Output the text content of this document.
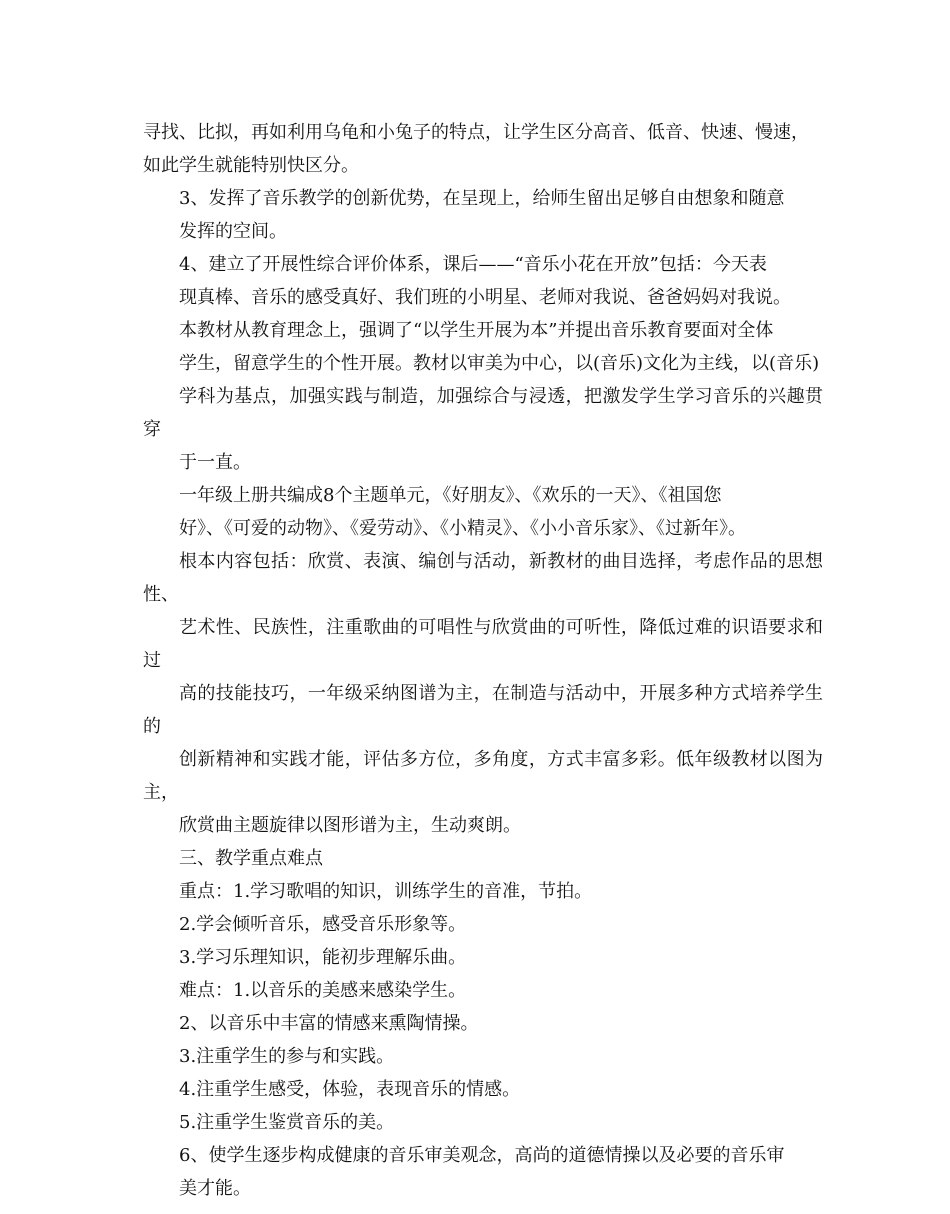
寻找、比拟，再如利用乌龟和小兔子的特点，让学生区分高音、低音、快速、慢速，
如此学生就能特别快区分。

3、发挥了音乐教学的创新优势，在呈现上，给师生留出足够自由想象和随意
发挥的空间。

4、建立了开展性综合评价体系，课后——“音乐小花在开放”包括：今天表
现真棒、音乐的感受真好、我们班的小明星、老师对我说、爸爸妈妈对我说。

本教材从教育理念上，强调了“以学生开展为本”并提出音乐教育要面对全体
学生，留意学生的个性开展。教材以审美为中心，以(音乐)文化为主线，以(音乐)
学科为基点，加强实践与制造，加强综合与浸透，把激发学生学习音乐的兴趣贯穿
于一直。

一年级上册共编成8个主题单元，《好朋友》、《欢乐的一天》、《祖国您
好》、《可爱的动物》、《爱劳动》、《小精灵》、《小小音乐家》、《过新年》。
根本内容包括：欣赏、表演、编创与活动，新教材的曲目选择，考虑作品的思想性、
艺术性、民族性，注重歌曲的可唱性与欣赏曲的可听性，降低过难的识语要求和过
高的技能技巧，一年级采纳图谱为主，在制造与活动中，开展多种方式培养学生的
创新精神和实践才能，评估多方位，多角度，方式丰富多彩。低年级教材以图为主，
欣赏曲主题旋律以图形谱为主，生动爽朗。

三、教学重点难点

重点：1.学习歌唱的知识，训练学生的音准，节拍。

2.学会倾听音乐，感受音乐形象等。

3.学习乐理知识，能初步理解乐曲。

难点：1.以音乐的美感来感染学生。

2、以音乐中丰富的情感来熏陶情操。

3.注重学生的参与和实践。

4.注重学生感受，体验，表现音乐的情感。

5.注重学生鉴赏音乐的美。

6、使学生逐步构成健康的音乐审美观念，高尚的道德情操以及必要的音乐审
美才能。
